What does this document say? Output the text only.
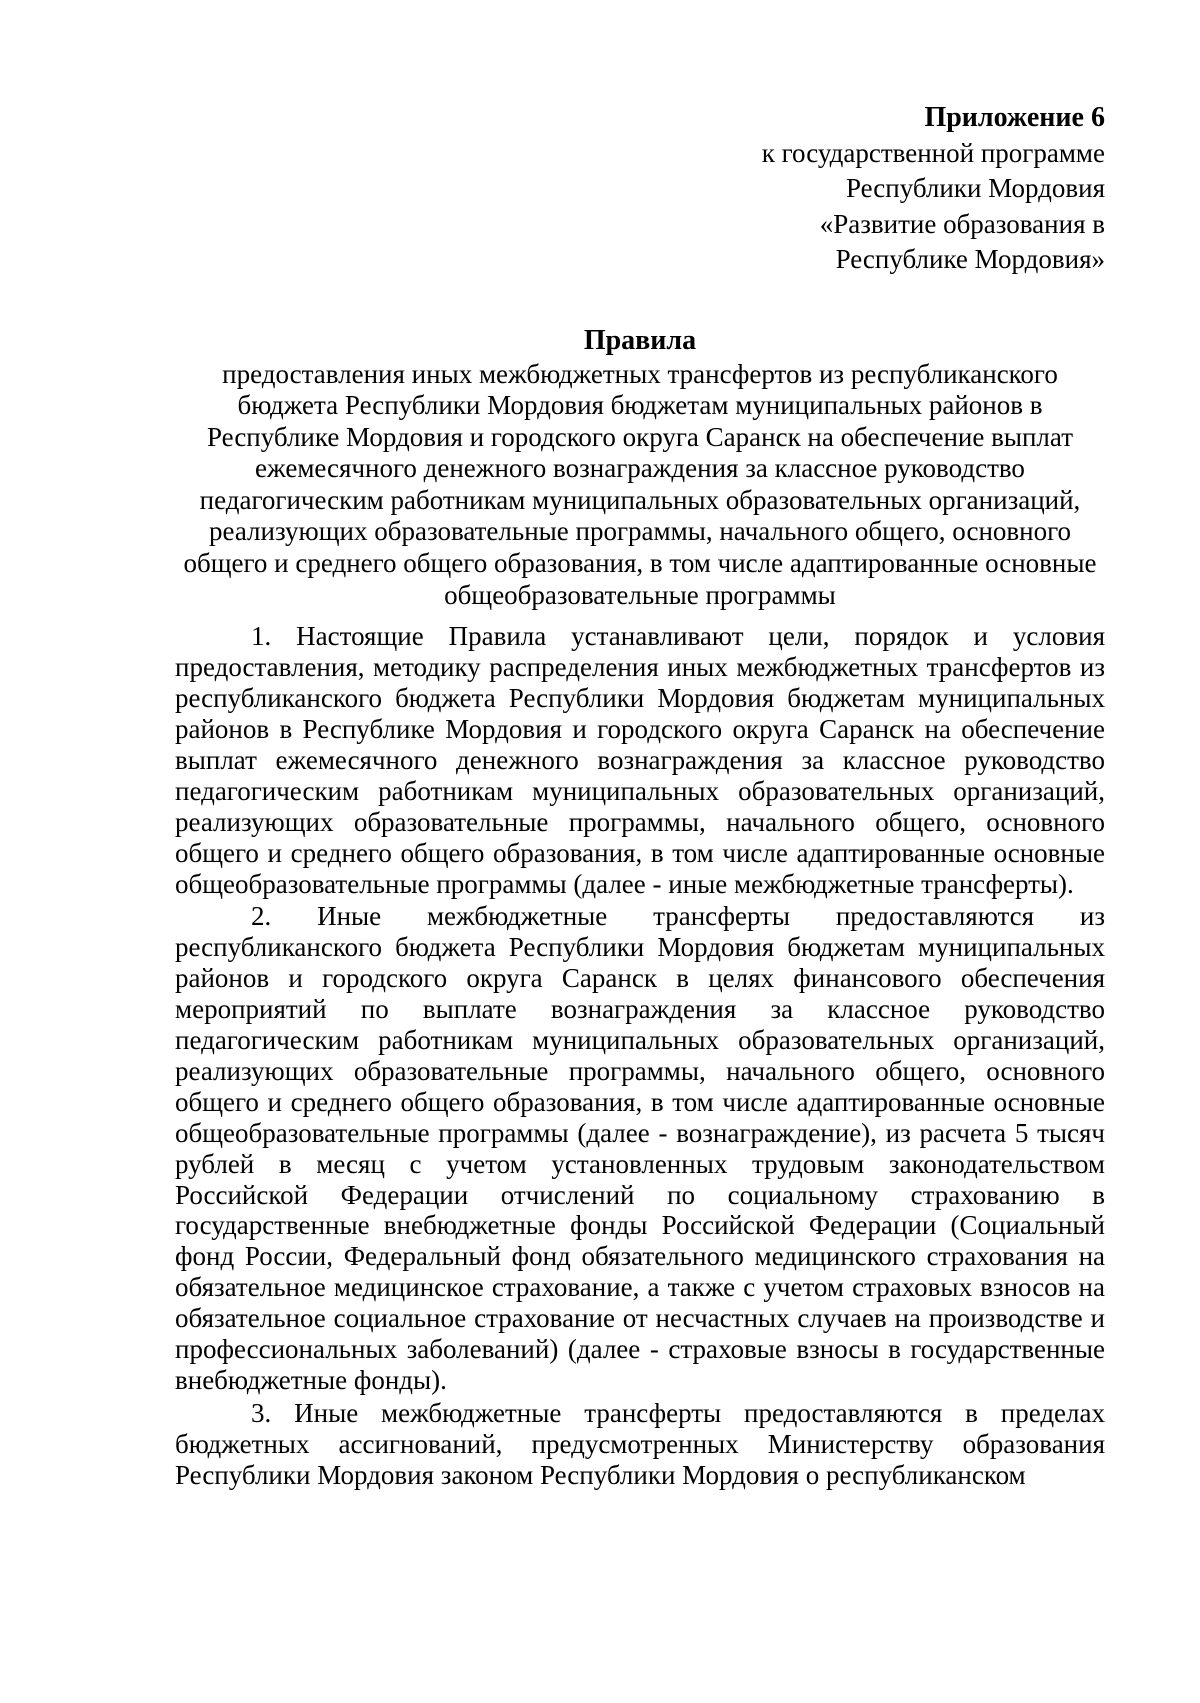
Приложение 6
к государственной программе
Республики Мордовия
«Развитие образования в
Республике Мордовия»
Правила
предоставления иных межбюджетных трансфертов из республиканского бюджета Республики Мордовия бюджетам муниципальных районов в Республике Мордовия и городского округа Саранск на обеспечение выплат ежемесячного денежного вознаграждения за классное руководство педагогическим работникам муниципальных образовательных организаций, реализующих образовательные программы, начального общего, основного общего и среднего общего образования, в том числе адаптированные основные общеобразовательные программы

1. Настоящие Правила устанавливают цели, порядок и условия предоставления, методику распределения иных межбюджетных трансфертов из республиканского бюджета Республики Мордовия бюджетам муниципальных районов в Республике Мордовия и городского округа Саранск на обеспечение выплат ежемесячного денежного вознаграждения за классное руководство педагогическим работникам муниципальных образовательных организаций, реализующих образовательные программы, начального общего, основного общего и среднего общего образования, в том числе адаптированные основные общеобразовательные программы (далее - иные межбюджетные трансферты).

2. Иные межбюджетные трансферты предоставляются из республиканского бюджета Республики Мордовия бюджетам муниципальных районов и городского округа Саранск в целях финансового обеспечения мероприятий по выплате вознаграждения за классное руководство педагогическим работникам муниципальных образовательных организаций, реализующих образовательные программы, начального общего, основного общего и среднего общего образования, в том числе адаптированные основные общеобразовательные программы (далее - вознаграждение), из расчета 5 тысяч рублей в месяц с учетом установленных трудовым законодательством Российской Федерации отчислений по социальному страхованию в государственные внебюджетные фонды Российской Федерации (Социальный фонд России, Федеральный фонд обязательного медицинского страхования на обязательное медицинское страхование, а также с учетом страховых взносов на обязательное социальное страхование от несчастных случаев на производстве и профессиональных заболеваний) (далее - страховые взносы в государственные внебюджетные фонды).

3. Иные межбюджетные трансферты предоставляются в пределах бюджетных ассигнований, предусмотренных Министерству образования Республики Мордовия законом Республики Мордовия о республиканском
